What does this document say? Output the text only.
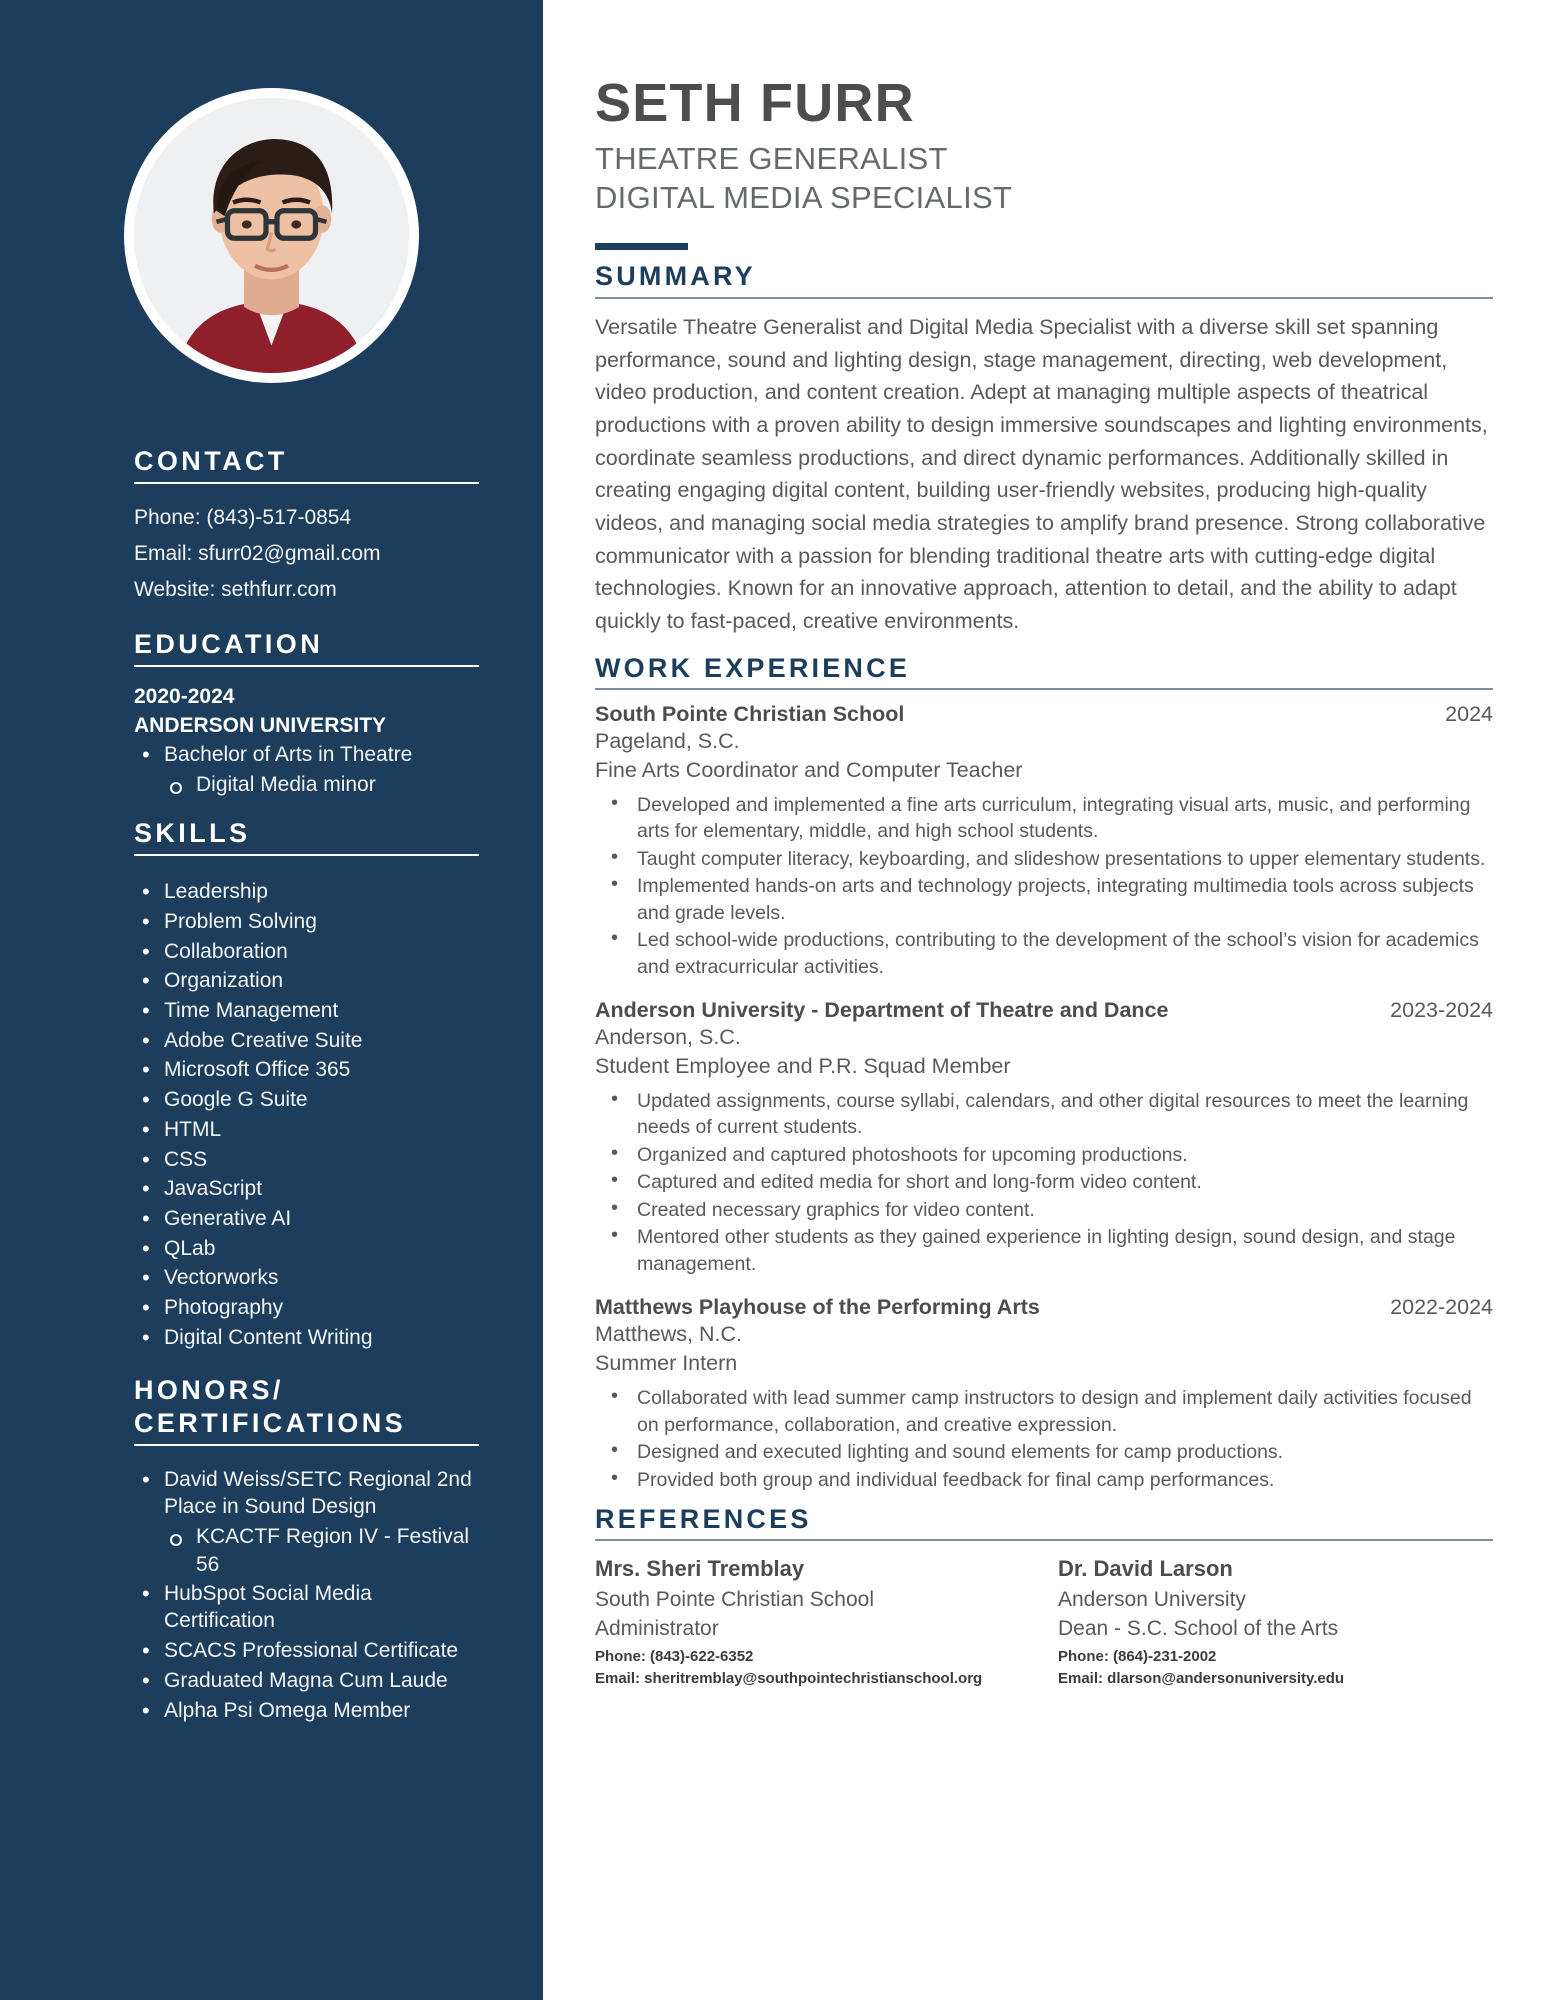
CONTACT
Phone: (843)-517-0854
Email: sfurr02@gmail.com
Website: sethfurr.com
EDUCATION
2020-2024
ANDERSON UNIVERSITY
• Bachelor of Arts in Theatre
Digital Media minor
SKILLS
• Leadership
• Problem Solving
• Collaboration
• Organization
• Time Management
• Adobe Creative Suite
• Microsoft Office 365
• Google G Suite
• HTML
• CSS
• JavaScript
• Generative AI
• QLab
• Vectorworks
• Photography
• Digital Content Writing
HONORS/
CERTIFICATIONS
• David Weiss/SETC Regional 2nd Place in Sound Design
KCACTF Region IV - Festival 56
• HubSpot Social Media Certification
• SCACS Professional Certificate
• Graduated Magna Cum Laude
• Alpha Psi Omega Member
SETH FURR
THEATRE GENERALIST
DIGITAL MEDIA SPECIALIST
SUMMARY

Versatile Theatre Generalist and Digital Media Specialist with a diverse skill set spanning performance, sound and lighting design, stage management, directing, web development, video production, and content creation. Adept at managing multiple aspects of theatrical productions with a proven ability to design immersive soundscapes and lighting environments, coordinate seamless productions, and direct dynamic performances. Additionally skilled in creating engaging digital content, building user-friendly websites, producing high-quality videos, and managing social media strategies to amplify brand presence. Strong collaborative communicator with a passion for blending traditional theatre arts with cutting-edge digital technologies. Known for an innovative approach, attention to detail, and the ability to adapt quickly to fast-paced, creative environments.

WORK EXPERIENCE
South Pointe Christian School	2024
Pageland, S.C.
Fine Arts Coordinator and Computer Teacher
• Developed and implemented a fine arts curriculum, integrating visual arts, music, and performing arts for elementary, middle, and high school students.
• Taught computer literacy, keyboarding, and slideshow presentations to upper elementary students.
• Implemented hands-on arts and technology projects, integrating multimedia tools across subjects and grade levels.
• Led school-wide productions, contributing to the development of the school’s vision for academics and extracurricular activities.
Anderson University - Department of Theatre and Dance	2023-2024
Anderson, S.C.
Student Employee and P.R. Squad Member
• Updated assignments, course syllabi, calendars, and other digital resources to meet the learning needs of current students.
• Organized and captured photoshoots for upcoming productions.
• Captured and edited media for short and long-form video content.
• Created necessary graphics for video content.
• Mentored other students as they gained experience in lighting design, sound design, and stage management.
Matthews Playhouse of the Performing Arts	2022-2024
Matthews, N.C.
Summer Intern
• Collaborated with lead summer camp instructors to design and implement daily activities focused on performance, collaboration, and creative expression.
• Designed and executed lighting and sound elements for camp productions.
• Provided both group and individual feedback for final camp performances.
REFERENCES
Mrs. Sheri Tremblay
South Pointe Christian School
Administrator
Phone: (843)-622-6352
Email: sheritremblay@southpointechristianschool.org
Dr. David Larson
Anderson University
Dean - S.C. School of the Arts
Phone: (864)-231-2002
Email: dlarson@andersonuniversity.edu
